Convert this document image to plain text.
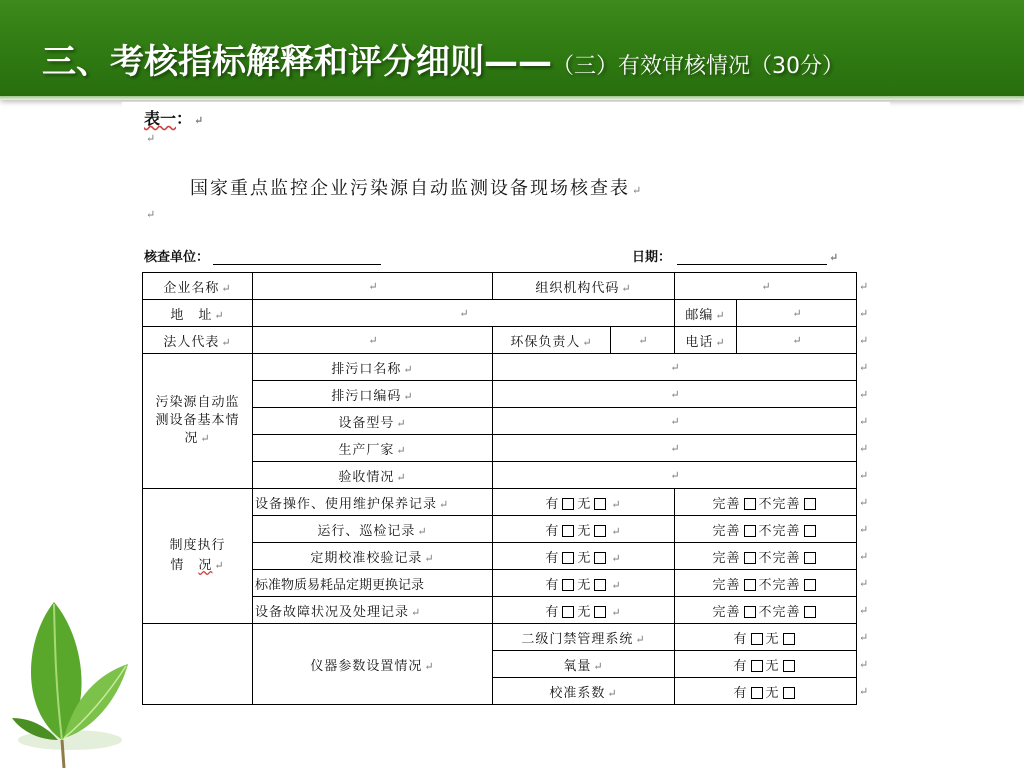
三、考核指标解释和评分细则——（三）有效审核情况（30分）
表一： ↵
↵
国家重点监控企业污染源自动监测设备现场核查表 ↵
↵
核查单位：	日期：	↵
企业名称 ↵	↵	组织机构代码 ↵		↵		↵
地　址 ↵	↵			邮编 ↵	↵	↵
法人代表 ↵	↵	环保负责人 ↵	↵	电话 ↵	↵	↵
污染源自动监测设备基本情况 ↵	排污口名称 ↵	↵				↵
	排污口编码 ↵	↵				↵
	设备型号 ↵	↵				↵
	生产厂家 ↵	↵				↵
	验收情况 ↵	↵				↵

制度执行
情　况 ↵	设备操作、使用维护保养记录 ↵	有 无 ↵		完善 不完善		↵
	运行、巡检记录 ↵	有 无 ↵		完善 不完善		↵
	定期校准校验记录 ↵	有 无 ↵		完善 不完善		↵
	标准物质易耗品定期更换记录	有 无 ↵		完善 不完善		↵
	设备故障状况及处理记录 ↵	有 无 ↵		完善 不完善		↵
	仪器参数设置情况 ↵	二级门禁管理系统 ↵		有 无		↵
		氧量 ↵		有 无		↵
		校准系数 ↵		有 无		↵
